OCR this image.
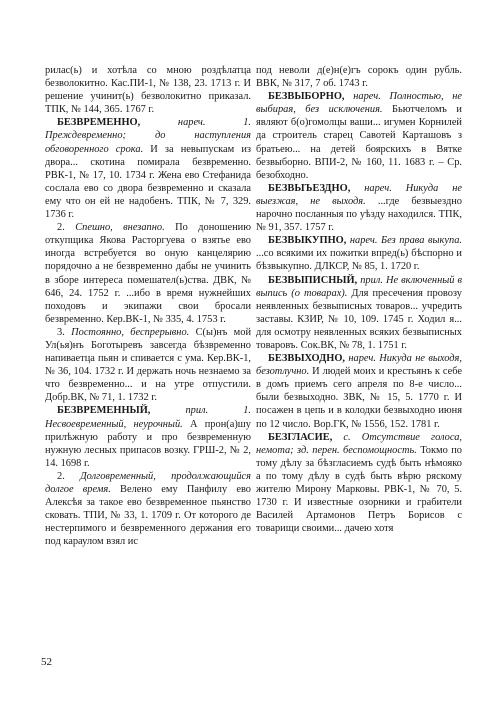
рилас(ь) и хотѣла со мною роздѣлатца безволокитно. Кас.ПИ-1, № 138, 23. 1713 г. И решение учинит(ь) безволокитно приказал. ТПК, № 144, 365. 1767 г.

БЕЗВРЕМЕННО, нареч. 1. Преждевременно; до наступления обговоренного срока. И за невыпускам из двора... скотина помирала безвременно. РВК-1, № 17, 10. 1734 г. Жена ево Стефанида сослала ево со двора безвременно и сказала ему что он ей не надобенъ. ТПК, № 7, 329. 1736 г.

2. Спешно, внезапно. По доношению откупщика Якова Расторгуева о взятье ево иногда встребуется во оную канцелярию порядочно а не безвременно дабы не учинить в зборе интереса помешател(ь)ства. ДВК, № 646, 24. 1752 г. ...ибо в время нужнейших походовъ и экипажи свои бросали безвременно. Кер.ВК-1, № 335, 4. 1753 г.

3. Постоянно, беспрерывно. С(ы)нъ мой Ул(ья)нъ Боготыревъ завсегда бѣзвременно напиваетца пьян и спивается с ума. Кер.ВК-1, № 36, 104. 1732 г. И держать ночь незнаемо за что безвременно... и на утре отпустили. Добр.ВК, № 71, 1. 1732 г.

БЕЗВРЕМЕННЫЙ, прил. 1. Несвоевременный, неурочный. А прон(а)шу прилѣжную работу и про безвременную нужную лесных припасов возку. ГРШ-2, № 2, 14. 1698 г.

2. Долговременный, продолжающийся долгое время. Велено ему Панфилу ево Алексѣя за такое ево безвременное пьянство сковать. ТПИ, № 33, 1. 1709 г. От которого де нестерпимого и безвременного держания его под караулом взял ис

под неволи д(е)н(е)гъ сорокъ один рубль. ВВК, № 317, 7 об. 1743 г.

БЕЗВЫБОРНО, нареч. Полностью, не выбирая, без исключения. Бьютчеломъ и являют б(о)гомолцы ваши... игумен Корнилей да строитель старец Савотей Карташовъ з братьею... на детей боярскихъ в Вятке безвыборно. ВПИ-2, № 160, 11. 1683 г. – Ср. безобходно.

БЕЗВЫЪЕЗДНО, нареч. Никуда не выезжая, не выходя. ...где безвыездно нарочно посланныя по уѣзду находился. ТПК, № 91, 357. 1757 г.

БЕЗВЫКУПНО, нареч. Без права выкупа. ...со всякими их пожитки впред(ь) бѣспорно и бѣзвыкупно. ДЛКСР, № 85, 1. 1720 г.

БЕЗВЫПИСНЫЙ, прил. Не включенный в выпись (о товарах). Для пресечения провозу неявленных безвыписных товаров... учредить заставы. КЗИР, № 10, 109. 1745 г. Ходил я... для осмотру неявленных всяких безвыписных товаровъ. Сок.ВК, № 78, 1. 1751 г.

БЕЗВЫХОДНО, нареч. Никуда не выходя, безотлучно. И людей моих и крестьянъ к себе в домъ приемъ сего апреля по 8-е число... были безвыходно. ЗВК, № 15, 5. 1770 г. И посажен в цепь и в колодки безвыходно июня по 12 число. Вор.ГК, № 1556, 152. 1781 г.

БЕЗГЛАСИЕ, с. Отсутствие голоса, немота; зд. перен. беспомощность. Токмо по тому дѣлу за бѣзгласиемъ судѣ быть нѣмояко а по тому дѣлу в судѣ быть вѣрю ряскому жителю Мирону Марковы. РВК-1, № 70, 5. 1730 г. И известные озорники и грабители Василей Артамонов Петръ Борисов с товарищи своими... дачею хотя

52
